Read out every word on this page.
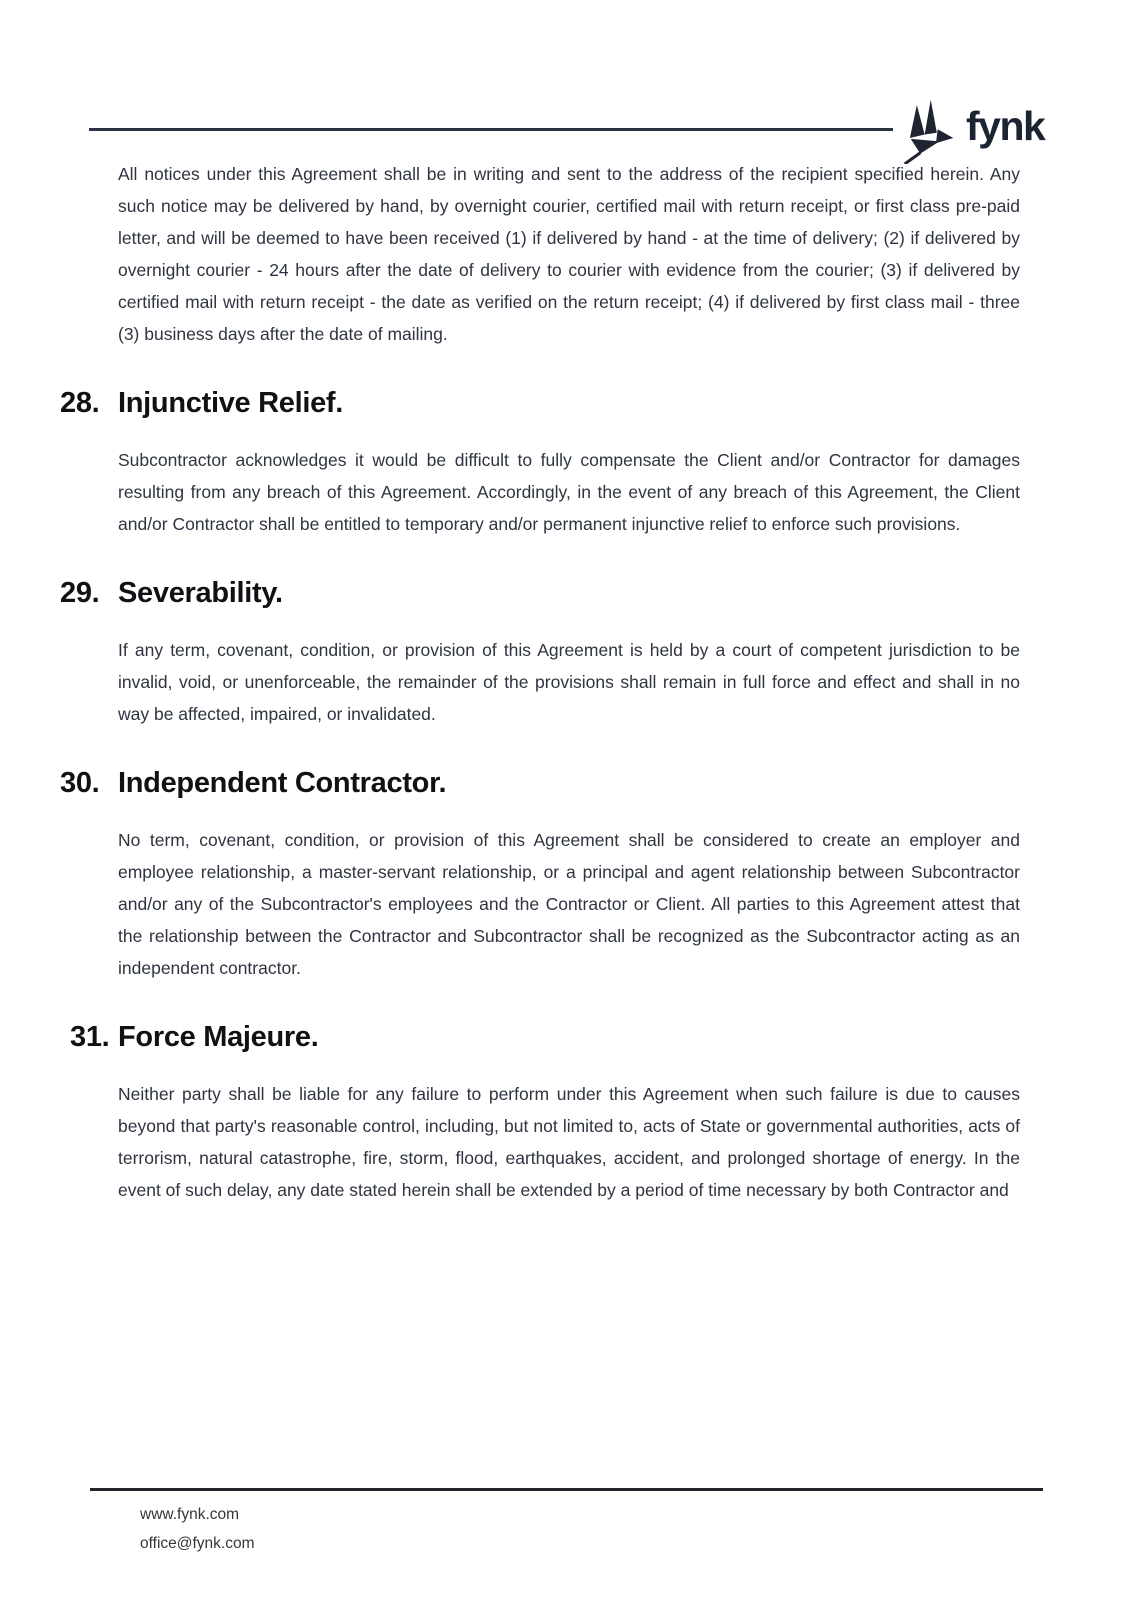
fynk

All notices under this Agreement shall be in writing and sent to the address of the recipient specified herein. Any such notice may be delivered by hand, by overnight courier, certified mail with return receipt, or first class pre-paid letter, and will be deemed to have been received (1) if delivered by hand - at the time of delivery; (2) if delivered by overnight courier - 24 hours after the date of delivery to courier with evidence from the courier; (3) if delivered by certified mail with return receipt - the date as verified on the return receipt; (4) if delivered by first class mail - three (3) business days after the date of mailing.

28. Injunctive Relief.

Subcontractor acknowledges it would be difficult to fully compensate the Client and/or Contractor for damages resulting from any breach of this Agreement. Accordingly, in the event of any breach of this Agreement, the Client and/or Contractor shall be entitled to temporary and/or permanent injunctive relief to enforce such provisions.

29. Severability.

If any term, covenant, condition, or provision of this Agreement is held by a court of competent jurisdiction to be invalid, void, or unenforceable, the remainder of the provisions shall remain in full force and effect and shall in no way be affected, impaired, or invalidated.

30. Independent Contractor.

No term, covenant, condition, or provision of this Agreement shall be considered to create an employer and employee relationship, a master-servant relationship, or a principal and agent relationship between Subcontractor and/or any of the Subcontractor's employees and the Contractor or Client. All parties to this Agreement attest that the relationship between the Contractor and Subcontractor shall be recognized as the Subcontractor acting as an independent contractor.

31. Force Majeure.

Neither party shall be liable for any failure to perform under this Agreement when such failure is due to causes beyond that party's reasonable control, including, but not limited to, acts of State or governmental authorities, acts of terrorism, natural catastrophe, fire, storm, flood, earthquakes, accident, and prolonged shortage of energy. In the event of such delay, any date stated herein shall be extended by a period of time necessary by both Contractor and

www.fynk.com
office@fynk.com
